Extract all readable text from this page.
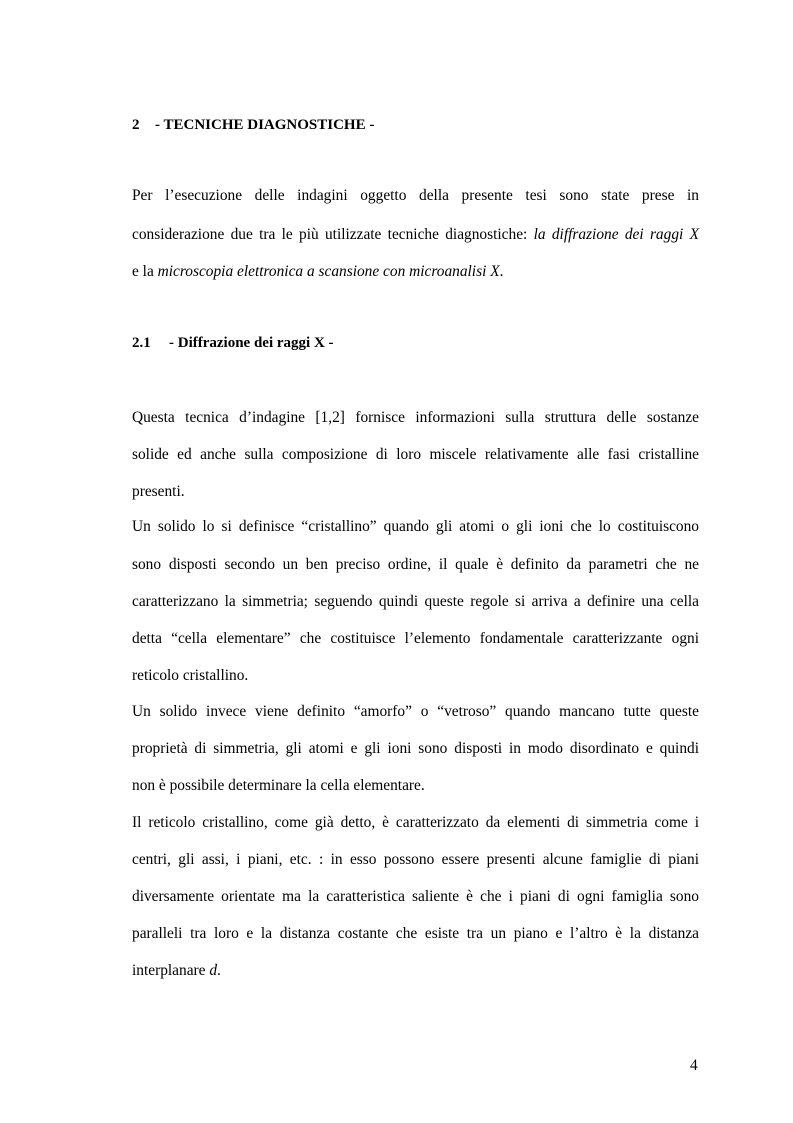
2 - TECNICHE DIAGNOSTICHE -
Per l’esecuzione delle indagini oggetto della presente tesi sono state prese in
considerazione due tra le più utilizzate tecniche diagnostiche: la diffrazione dei raggi X
e la microscopia elettronica a scansione con microanalisi X.
2.1 - Diffrazione dei raggi X -
Questa tecnica d’indagine [1,2] fornisce informazioni sulla struttura delle sostanze
solide ed anche sulla composizione di loro miscele relativamente alle fasi cristalline
presenti.
Un solido lo si definisce “cristallino” quando gli atomi o gli ioni che lo costituiscono
sono disposti secondo un ben preciso ordine, il quale è definito da parametri che ne
caratterizzano la simmetria; seguendo quindi queste regole si arriva a definire una cella
detta “cella elementare” che costituisce l’elemento fondamentale caratterizzante ogni
reticolo cristallino.
Un solido invece viene definito “amorfo” o “vetroso” quando mancano tutte queste
proprietà di simmetria, gli atomi e gli ioni sono disposti in modo disordinato e quindi
non è possibile determinare la cella elementare.
Il reticolo cristallino, come già detto, è caratterizzato da elementi di simmetria come i
centri, gli assi, i piani, etc. : in esso possono essere presenti alcune famiglie di piani
diversamente orientate ma la caratteristica saliente è che i piani di ogni famiglia sono
paralleli tra loro e la distanza costante che esiste tra un piano e l’altro è la distanza
interplanare d.
4
